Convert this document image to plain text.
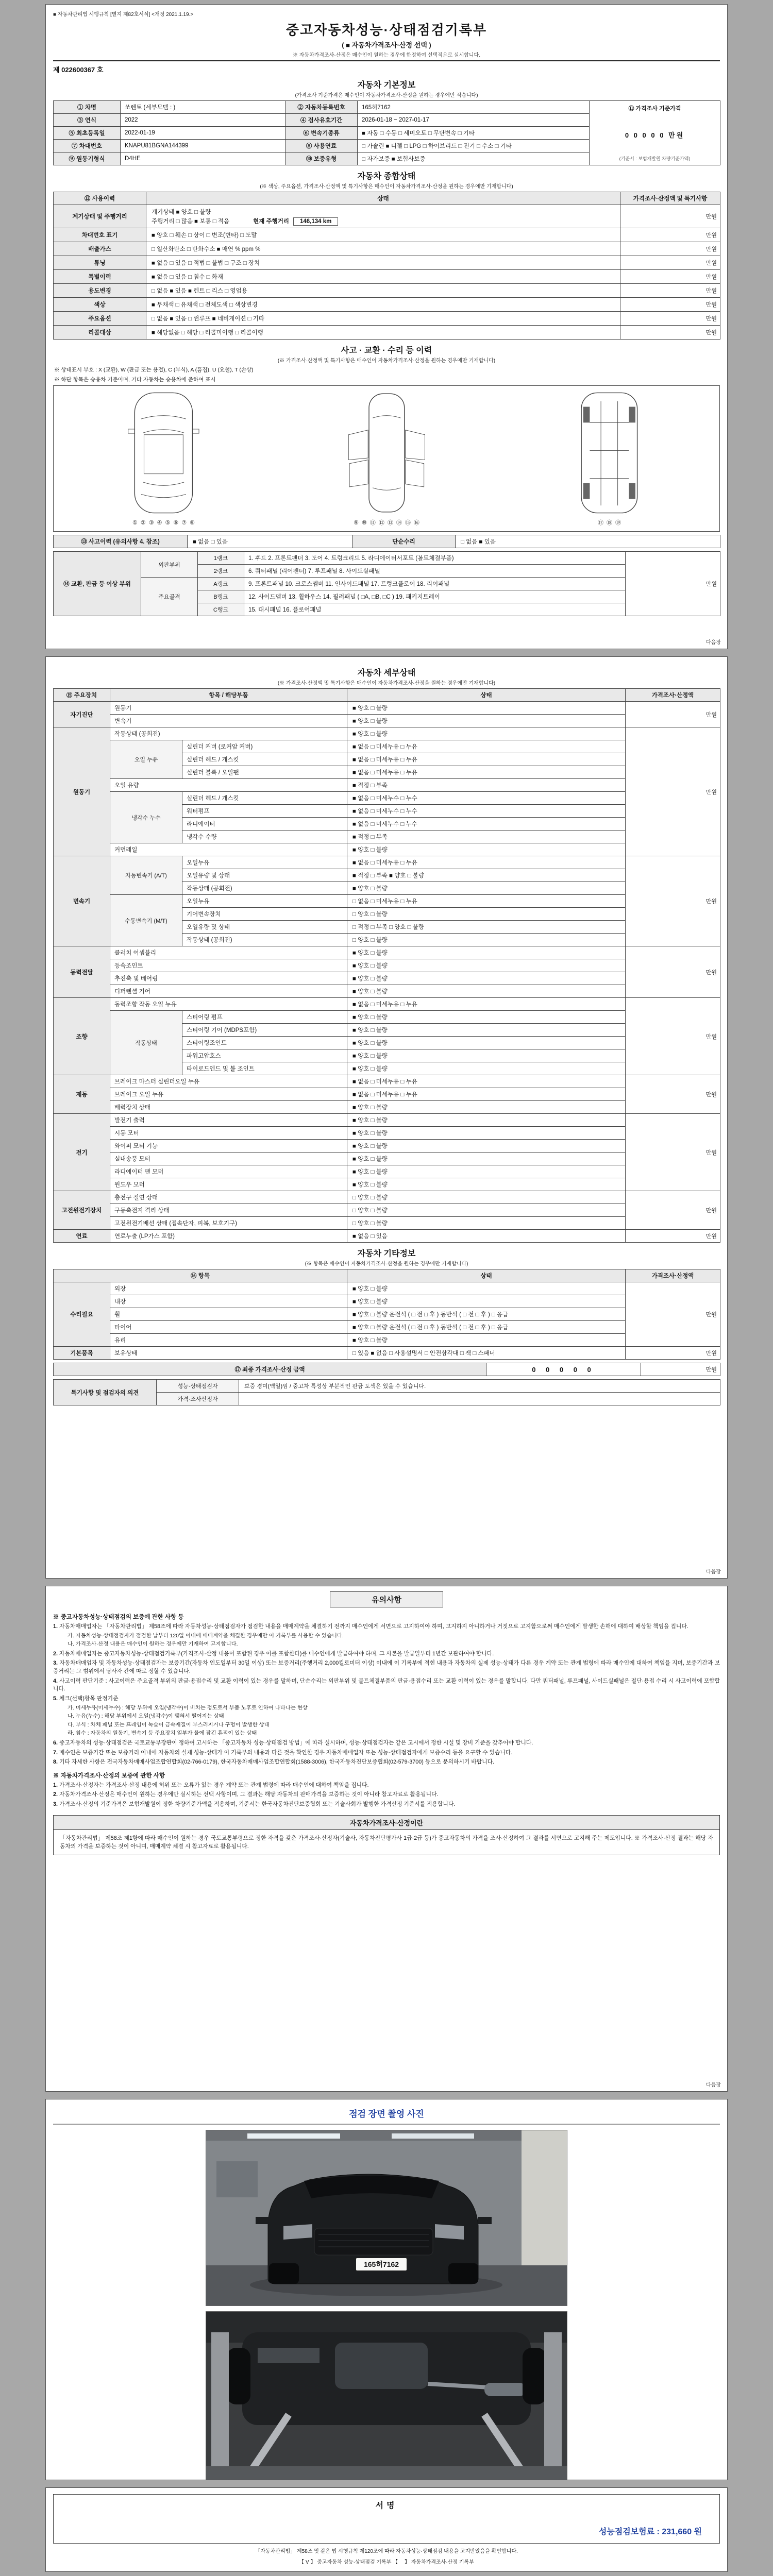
■ 자동차관리법 시행규칙 [별지 제82호서식] <개정 2021.1.19.>
중고자동차성능·상태점검기록부
( ■ 자동차가격조사·산정 선택 )
※ 자동차가격조사·산정은 매수인이 원하는 경우에 한정하여 선택적으로 실시합니다.
제 022600367 호
자동차 기본정보
(가격조사 기준가격은 매수인이 자동차가격조사·산정을 원하는 경우에만 적습니다)
① 차명	쏘렌토 (세부모델 : )	② 자동차등록번호	165허7162	⑪ 가격조사 기준가격
0 0 0 0 0 만원
(기준서 : 보험개발원 차량기준가액)

③ 연식	2022	④ 검사유효기간	2026-01-18 ~ 2027-01-17	
⑤ 최초등록일	2022-01-19	⑥ 변속기종류	■ 자동 □ 수동 □ 세미오토 □ 무단변속 □ 기타	
⑦ 차대번호	KNAPU81BGNA144399	⑧ 사용연료	□ 가솔린 ■ 디젤 □ LPG □ 하이브리드 □ 전기 □ 수소 □ 기타	
⑨ 원동기형식	D4HE	⑩ 보증유형	□ 자가보증 ■ 보험사보증	
자동차 종합상태
(※ 색상, 주요옵션, 가격조사·산정액 및 특기사항은 매수인이 자동차가격조사·산정을 원하는 경우에만 기재합니다)
⑫ 사용이력	상태	가격조사·산정액 및 특기사항
계기상태 및 주행거리	계기상태 ■ 양호 □ 불량
주행거리 □ 많음 ■ 보통 □ 적음 현재 주행거리 146,134 km	만원
차대번호 표기	■ 양호 □ 훼손 □ 상이 □ 변조(변타) □ 도말	만원
배출가스	□ 일산화탄소 □ 탄화수소 ■ 매연 % ppm %	만원
튜닝	■ 없음 □ 있음 □ 적법 □ 불법 □ 구조 □ 장치	만원
특별이력	■ 없음 □ 있음 □ 침수 □ 화재	만원
용도변경	□ 없음 ■ 있음 ■ 렌트 □ 리스 □ 영업용	만원
색상	■ 무채색 □ 유채색 □ 전체도색 □ 색상변경	만원
주요옵션	□ 없음 ■ 있음 □ 썬루프 ■ 네비게이션 □ 기타	만원
리콜대상	■ 해당없음 □ 해당 □ 리콜미이행 □ 리콜이행	만원
사고 · 교환 · 수리 등 이력
(※ 가격조사·산정액 및 특기사항은 매수인이 자동차가격조사·산정을 원하는 경우에만 기재합니다)
※ 상태표시 부호 : X (교환), W (판금 또는 용접), C (부식), A (흠집), U (요철), T (손상)
※ 하단 항목은 승용차 기준이며, 기타 자동차는 승용차에 준하여 표시
① ② ③ ④ ⑤ ⑥ ⑦ ⑧	⑨ ⑩ ⑪ ⑫ ⑬ ⑭ ⑮ ⑯	⑰ ⑱ ⑲
⑬ 사고이력 (유의사항 4. 참조)	■ 없음 □ 있음	단순수리	□ 없음 ■ 있음
⑭ 교환, 판금 등 이상 부위	외판부위	1랭크	1. 후드 2. 프론트펜더 3. 도어 4. 트렁크리드 5. 라디에이터서포트 (볼트체결부품)	만원
		2랭크	6. 쿼터패널 (리어펜더) 7. 루프패널 8. 사이드실패널	
	주요골격	A랭크	9. 프론트패널 10. 크로스멤버 11. 인사이드패널 17. 트렁크플로어 18. 리어패널	
		B랭크	12. 사이드멤버 13. 휠하우스 14. 필러패널 ( □A, □B, □C ) 19. 패키지트레이	
		C랭크	15. 대시패널 16. 플로어패널	
다음장
자동차 세부상태
(※ 가격조사·산정액 및 특기사항은 매수인이 자동차가격조사·산정을 원하는 경우에만 기재합니다)
⑮ 주요장치	항목 / 해당부품		상태	가격조사·산정액
자기진단	원동기		■ 양호 □ 불량	만원
	변속기		■ 양호 □ 불량	
원동기	작동상태 (공회전)		■ 양호 □ 불량	만원
	오일 누유	실린더 커버 (로커암 커버)	■ 없음 □ 미세누유 □ 누유	
		실린더 헤드 / 개스킷	■ 없음 □ 미세누유 □ 누유	
		실린더 블록 / 오일팬	■ 없음 □ 미세누유 □ 누유	
	오일 유량		■ 적정 □ 부족	
	냉각수 누수	실린더 헤드 / 개스킷	■ 없음 □ 미세누수 □ 누수	
		워터펌프	■ 없음 □ 미세누수 □ 누수	
		라디에이터	■ 없음 □ 미세누수 □ 누수	
		냉각수 수량	■ 적정 □ 부족	
	커먼레일		■ 양호 □ 불량	
변속기	자동변속기 (A/T)	오일누유	■ 없음 □ 미세누유 □ 누유	만원
		오일유량 및 상태	■ 적정 □ 부족 ■ 양호 □ 불량	
		작동상태 (공회전)	■ 양호 □ 불량	
	수동변속기 (M/T)	오일누유	□ 없음 □ 미세누유 □ 누유	
		기어변속장치	□ 양호 □ 불량	
		오일유량 및 상태	□ 적정 □ 부족 □ 양호 □ 불량	
		작동상태 (공회전)	□ 양호 □ 불량	
동력전달	클러치 어셈블리		■ 양호 □ 불량	만원
	등속조인트		■ 양호 □ 불량	
	추진축 및 베어링		■ 양호 □ 불량	
	디퍼렌셜 기어		■ 양호 □ 불량	
조향	동력조향 작동 오일 누유		■ 없음 □ 미세누유 □ 누유	만원
	작동상태	스티어링 펌프	■ 양호 □ 불량	
		스티어링 기어 (MDPS포함)	■ 양호 □ 불량	
		스티어링조인트	■ 양호 □ 불량	
		파워고압호스	■ 양호 □ 불량	
		타이로드엔드 및 볼 조인트	■ 양호 □ 불량	
제동	브레이크 마스터 실린더오일 누유		■ 없음 □ 미세누유 □ 누유	만원
	브레이크 오일 누유		■ 없음 □ 미세누유 □ 누유	
	배력장치 상태		■ 양호 □ 불량	
전기	발전기 출력		■ 양호 □ 불량	만원
	시동 모터		■ 양호 □ 불량	
	와이퍼 모터 기능		■ 양호 □ 불량	
	실내송풍 모터		■ 양호 □ 불량	
	라디에이터 팬 모터		■ 양호 □ 불량	
	윈도우 모터		■ 양호 □ 불량	
고전원전기장치	충전구 절연 상태		□ 양호 □ 불량	만원
	구동축전지 격리 상태		□ 양호 □ 불량	
	고전원전기배선 상태 (접속단자, 피복, 보호기구)		□ 양호 □ 불량	
연료	연료누출 (LP가스 포함)		■ 없음 □ 있음	만원
자동차 기타정보
(※ 항목은 매수인이 자동차가격조사·산정을 원하는 경우에만 기재합니다)
⑯ 항목		상태	가격조사·산정액
수리필요	외장	■ 양호 □ 불량	만원
	내장	■ 양호 □ 불량	
	휠	■ 양호 □ 불량 운전석 ( □ 전 □ 후 ) 동반석 ( □ 전 □ 후 ) □ 응급	
	타이어	■ 양호 □ 불량 운전석 ( □ 전 □ 후 ) 동반석 ( □ 전 □ 후 ) □ 응급	
	유리	■ 양호 □ 불량	
기본품목	보유상태	□ 있음 ■ 없음 □ 사용설명서 □ 안전삼각대 □ 잭 □ 스패너	만원
⑰ 최종 가격조사·산정 금액	0 0 0 0 0	만원
특기사항 및 점검자의 의견	성능·상태점검자	보증 경미(액일)임 / 중고차 특성상 부분적인 판금 도색은 있을 수 있습니다.
	가격·조사산정자	
다음장
유의사항
※ 중고자동차성능·상태점검의 보증에 관한 사항 등
1. 자동차매매업자는 「자동차관리법」 제58조에 따라 자동차성능·상태점검자가 점검한 내용을 매매계약을 체결하기 전까지 매수인에게 서면으로 고지하여야 하며, 고지하지 아니하거나 거짓으로 고지함으로써 매수인에게 발생한 손해에 대하여 배상할 책임을 집니다.
가. 자동차성능·상태점검자가 점검한 날부터 120일 이내에 매매계약을 체결한 경우에만 이 기록부를 사용할 수 있습니다.
나. 가격조사·산정 내용은 매수인이 원하는 경우에만 기재하여 고지합니다.
2. 자동차매매업자는 중고자동차성능·상태점검기록부(가격조사·산정 내용이 포함된 경우 이를 포함한다)를 매수인에게 발급하여야 하며, 그 사본을 발급일부터 1년간 보관하여야 합니다.
3. 자동차매매업자 및 자동차성능·상태점검자는 보증기간(자동차 인도일부터 30일 이상) 또는 보증거리(주행거리 2,000킬로미터 이상) 이내에 이 기록부에 적힌 내용과 자동차의 실제 성능·상태가 다른 경우 계약 또는 관계 법령에 따라 매수인에 대하여 책임을 지며, 보증기간과 보증거리는 그 범위에서 당사자 간에 따로 정할 수 있습니다.
4. 사고이력 판단기준 : 사고이력은 주요골격 부위의 판금·용접수리 및 교환 이력이 있는 경우를 말하며, 단순수리는 외판부위 및 볼트체결부품의 판금·용접수리 또는 교환 이력이 있는 경우를 말합니다. 다만 쿼터패널, 루프패널, 사이드실패널은 절단·용접 수리 시 사고이력에 포함합니다.
5. 체크(선택)항목 판정기준
가. 미세누유(미세누수) : 해당 부위에 오일(냉각수)이 비치는 정도로서 부품 노후로 인하여 나타나는 현상
나. 누유(누수) : 해당 부위에서 오일(냉각수)이 맺혀서 떨어지는 상태
다. 부식 : 차체 패널 또는 프레임이 녹슬어 금속재질이 부스러지거나 구멍이 발생한 상태
라. 침수 : 자동차의 원동기, 변속기 등 주요장치 일부가 물에 잠긴 흔적이 있는 상태
6. 중고자동차의 성능·상태점검은 국토교통부장관이 정하여 고시하는 「중고자동차 성능·상태점검 방법」에 따라 실시하며, 성능·상태점검자는 같은 고시에서 정한 시설 및 장비 기준을 갖추어야 합니다.
7. 매수인은 보증기간 또는 보증거리 이내에 자동차의 실제 성능·상태가 이 기록부의 내용과 다른 것을 확인한 경우 자동차매매업자 또는 성능·상태점검자에게 보증수리 등을 요구할 수 있습니다.
8. 기타 자세한 사항은 전국자동차매매사업조합연합회(02-766-0179), 한국자동차매매사업조합연합회(1588-3006), 한국자동차진단보증협회(02-579-3700) 등으로 문의하시기 바랍니다.
※ 자동차가격조사·산정의 보증에 관한 사항
1. 가격조사·산정자는 가격조사·산정 내용에 허위 또는 오류가 있는 경우 계약 또는 관계 법령에 따라 매수인에 대하여 책임을 집니다.
2. 자동차가격조사·산정은 매수인이 원하는 경우에만 실시하는 선택 사항이며, 그 결과는 해당 자동차의 판매가격을 보증하는 것이 아니라 참고자료로 활용됩니다.
3. 가격조사·산정의 기준가격은 보험개발원이 정한 차량기준가액을 적용하며, 기준서는 한국자동차진단보증협회 또는 기술사회가 발행한 가격산정 기준서를 적용합니다.
자동차가격조사·산정이란
「자동차관리법」 제58조 제1항에 따라 매수인이 원하는 경우 국토교통부령으로 정한 자격을 갖춘 가격조사·산정자(기술사, 자동차진단평가사 1급·2급 등)가 중고자동차의 가격을 조사·산정하여 그 결과를 서면으로 고지해 주는 제도입니다. ※ 가격조사·산정 결과는 해당 자동차의 가격을 보증하는 것이 아니며, 매매계약 체결 시 참고자료로 활용됩니다.
다음장
점검 장면 촬영 사진
165허7162
서명
성능점검보험료 : 231,660 원
「자동차관리법」 제58조 및 같은 법 시행규칙 제120조에 따라 자동차성능·상태점검 내용을 고지받았음을 확인합니다.
【 V 】 중고자동차 성능·상태점검 기록부 【　 】 자동차가격조사·산정 기록부
